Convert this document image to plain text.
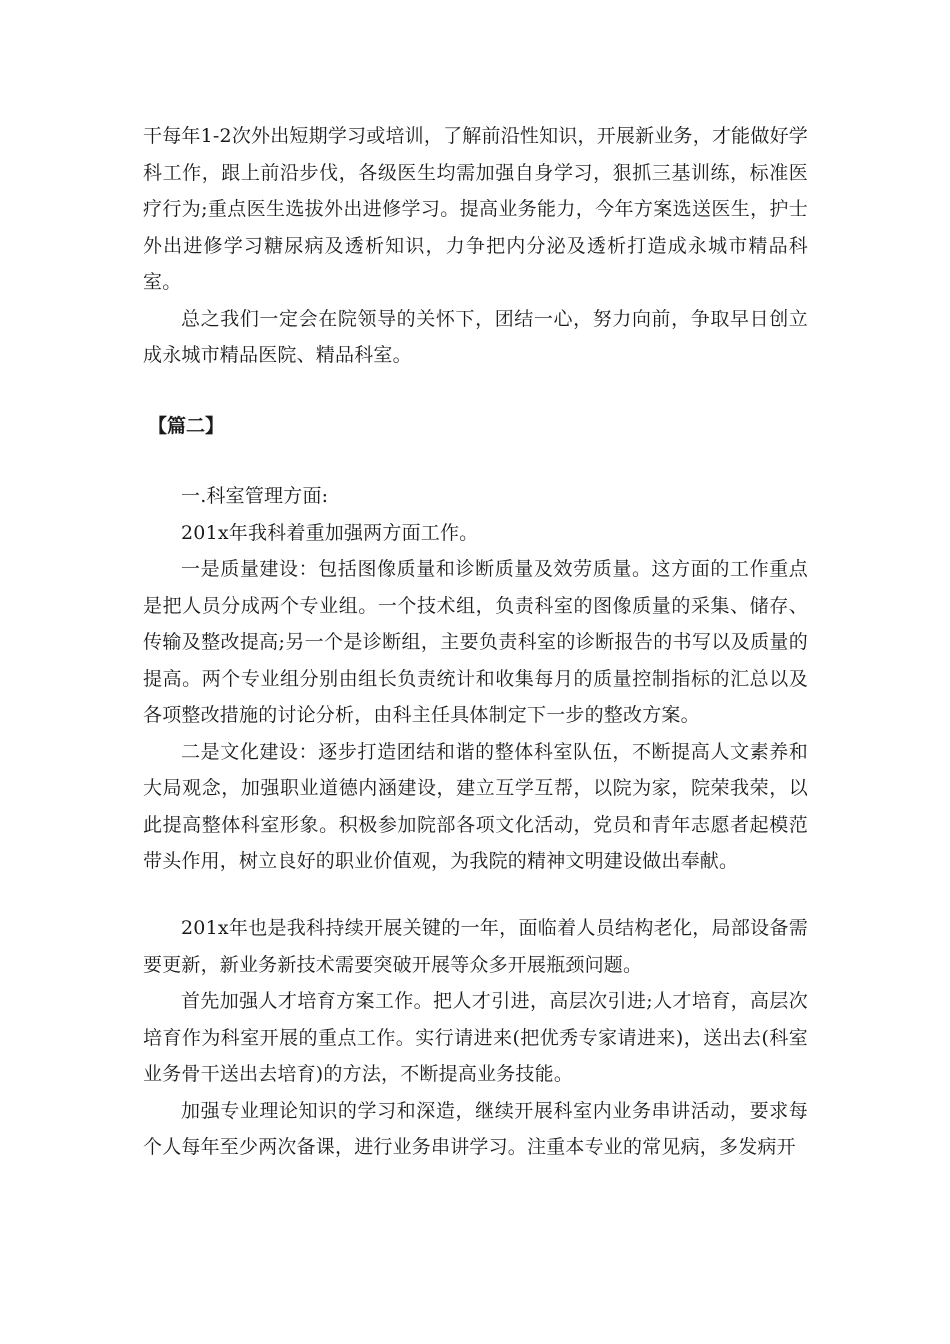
干每年1-2次外出短期学习或培训，了解前沿性知识，开展新业务，才能做好学科工作，跟上前沿步伐，各级医生均需加强自身学习，狠抓三基训练，标准医疗行为;重点医生选拔外出进修学习。提高业务能力，今年方案选送医生，护士外出进修学习糖尿病及透析知识，力争把内分泌及透析打造成永城市精品科室。

总之我们一定会在院领导的关怀下，团结一心，努力向前，争取早日创立成永城市精品医院、精品科室。

【篇二】

一.科室管理方面:

201x年我科着重加强两方面工作。

一是质量建设：包括图像质量和诊断质量及效劳质量。这方面的工作重点是把人员分成两个专业组。一个技术组，负责科室的图像质量的采集、储存、传输及整改提高;另一个是诊断组，主要负责科室的诊断报告的书写以及质量的提高。两个专业组分别由组长负责统计和收集每月的质量控制指标的汇总以及各项整改措施的讨论分析，由科主任具体制定下一步的整改方案。

二是文化建设：逐步打造团结和谐的整体科室队伍，不断提高人文素养和大局观念，加强职业道德内涵建设，建立互学互帮，以院为家，院荣我荣，以此提高整体科室形象。积极参加院部各项文化活动，党员和青年志愿者起模范带头作用，树立良好的职业价值观，为我院的精神文明建设做出奉献。

201x年也是我科持续开展关键的一年，面临着人员结构老化，局部设备需要更新，新业务新技术需要突破开展等众多开展瓶颈问题。

首先加强人才培育方案工作。把人才引进，高层次引进;人才培育，高层次培育作为科室开展的重点工作。实行请进来(把优秀专家请进来)，送出去(科室业务骨干送出去培育)的方法，不断提高业务技能。

加强专业理论知识的学习和深造，继续开展科室内业务串讲活动，要求每个人每年至少两次备课，进行业务串讲学习。注重本专业的常见病，多发病开
